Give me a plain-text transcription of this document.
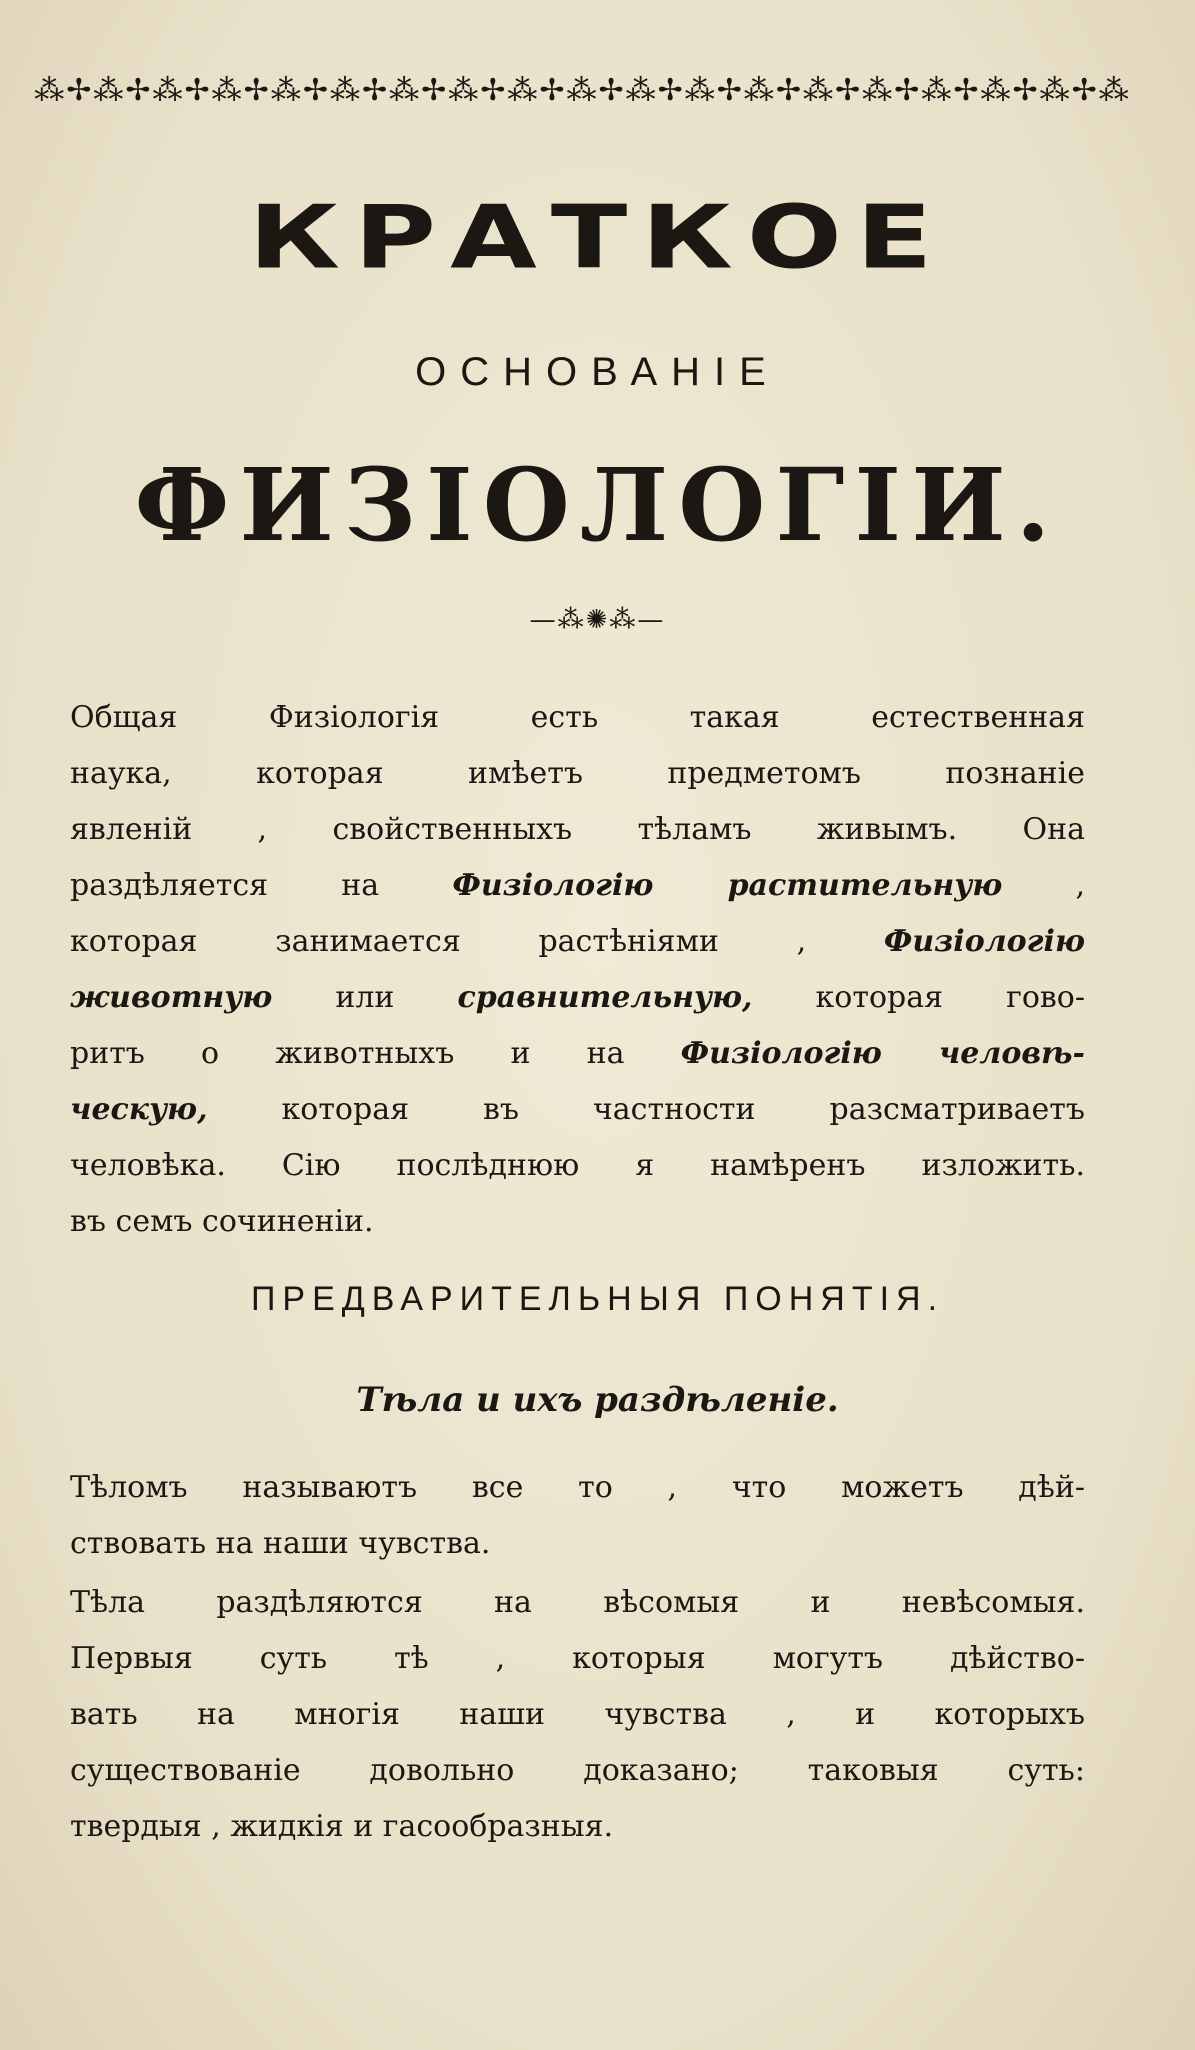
⁂✢⁂✢⁂✢⁂✢⁂✢⁂✢⁂✢⁂✢⁂✢⁂✢⁂✢⁂✢⁂✢⁂✢⁂✢⁂✢⁂✢⁂✢⁂
КРАТКОЕ
ОСНОВАНІЕ
ФИЗІОЛОГІИ.
—⁂✺⁂—
Общая Физіологія есть такая естественная
наука, которая имѣетъ предметомъ познаніе
явленій , свойственныхъ тѣламъ живымъ. Она
раздѣляется на Физіологію растительную ,
которая занимается растѣніями , Физіологію
животную или сравнительную, которая гово-
ритъ о животныхъ и на Физіологію человѣ-
ческую, которая въ частности разсматриваетъ
человѣка. Сію послѣднюю я намѣренъ изложить.
въ семъ сочиненіи.
ПРЕДВАРИТЕЛЬНЫЯ ПОНЯТІЯ.
Тѣла и ихъ раздѣленіе.
Тѣломъ называютъ все то , что можетъ дѣй-
ствовать на наши чувства.
Тѣла раздѣляются на вѣсомыя и невѣсомыя.
Первыя суть тѣ , которыя могутъ дѣйство-
вать на многія наши чувства , и которыхъ
существованіе довольно доказано; таковыя суть:
твердыя , жидкія и гасообразныя.
